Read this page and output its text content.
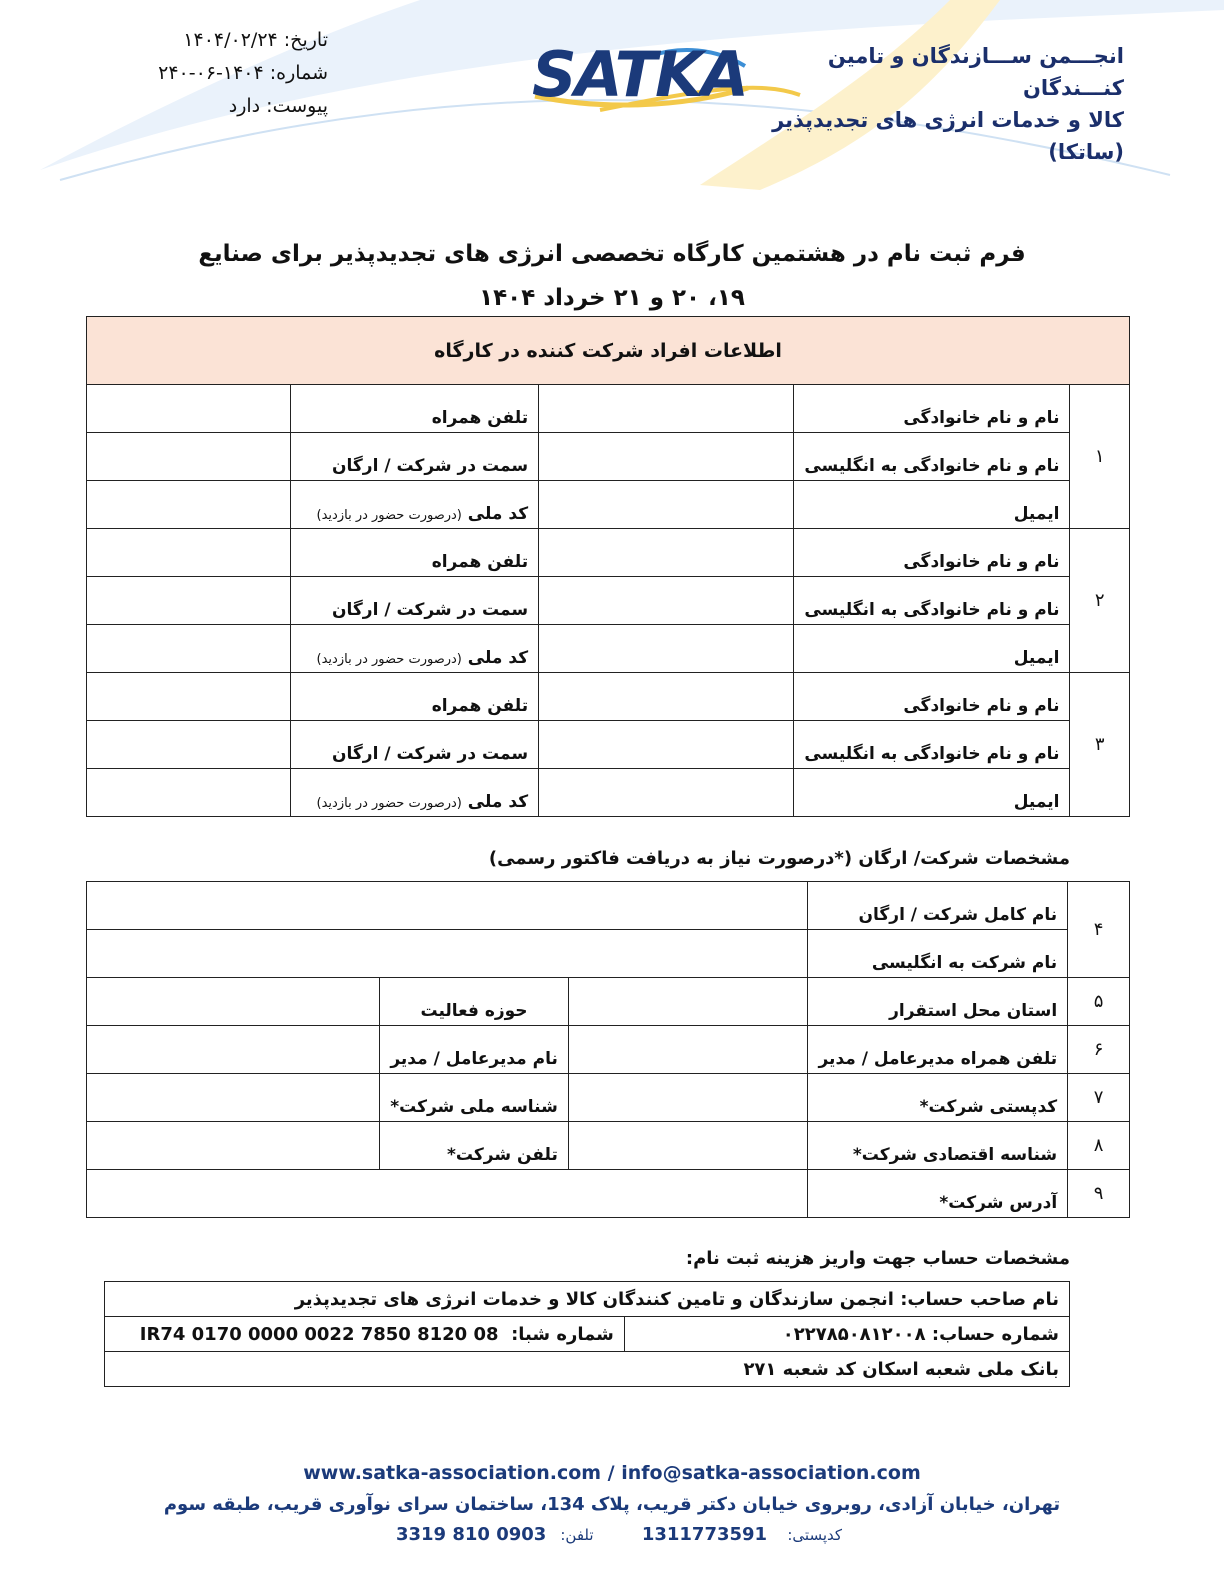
تاریخ: ۱۴۰۴/۰۲/۲۴
شماره: ۱۴۰۴-۰۶-۲۴۰
پیوست: دارد	SATKA	انجـــمن ســـازندگان و تامین کنـــندگان
کالا و خدمات انرژی های تجدیدپذیر (ساتکا)
فرم ثبت نام در هشتمین کارگاه تخصصی انرژی های تجدیدپذیر برای صنایع
۱۹، ۲۰ و ۲۱ خرداد ۱۴۰۴
اطلاعات افراد شرکت کننده در کارگاه				
۱	نام و نام خانوادگی		تلفن همراه	
	نام و نام خانوادگی به انگلیسی		سمت در شرکت / ارگان	
	ایمیل		کد ملی (درصورت حضور در بازدید)	
۲	نام و نام خانوادگی		تلفن همراه	
	نام و نام خانوادگی به انگلیسی		سمت در شرکت / ارگان	
	ایمیل		کد ملی (درصورت حضور در بازدید)	
۳	نام و نام خانوادگی		تلفن همراه	
	نام و نام خانوادگی به انگلیسی		سمت در شرکت / ارگان	
	ایمیل		کد ملی (درصورت حضور در بازدید)	
مشخصات شرکت/ ارگان (*درصورت نیاز به دریافت فاکتور رسمی)
۴	نام کامل شرکت / ارگان			
	نام شرکت به انگلیسی			
۵	استان محل استقرار		حوزه فعالیت	
۶	تلفن همراه مدیرعامل / مدیر		نام مدیرعامل / مدیر	
۷	کدپستی شرکت*		شناسه ملی شرکت*	
۸	شناسه اقتصادی شرکت*		تلفن شرکت*	
۹	آدرس شرکت*			
مشخصات حساب جهت واریز هزینه ثبت نام:
نام صاحب حساب: انجمن سازندگان و تامین کنندگان کالا و خدمات انرژی های تجدیدپذیر
شماره حساب: ۰۲۲۷۸۵۰۸۱۲۰۰۸	شماره شبا:  IR74 0170 0000 0022 7850 8120 08
بانک ملی شعبه اسکان کد شعبه ۲۷۱
www.satka-association.com / info@satka-association.com
تهران، خیابان آزادی، روبروی خیابان دکتر قریب، پلاک 134، ساختمان سرای نوآوری قریب، طبقه سوم
کدپستی: 1311773591 تلفن:0903 810 3319
